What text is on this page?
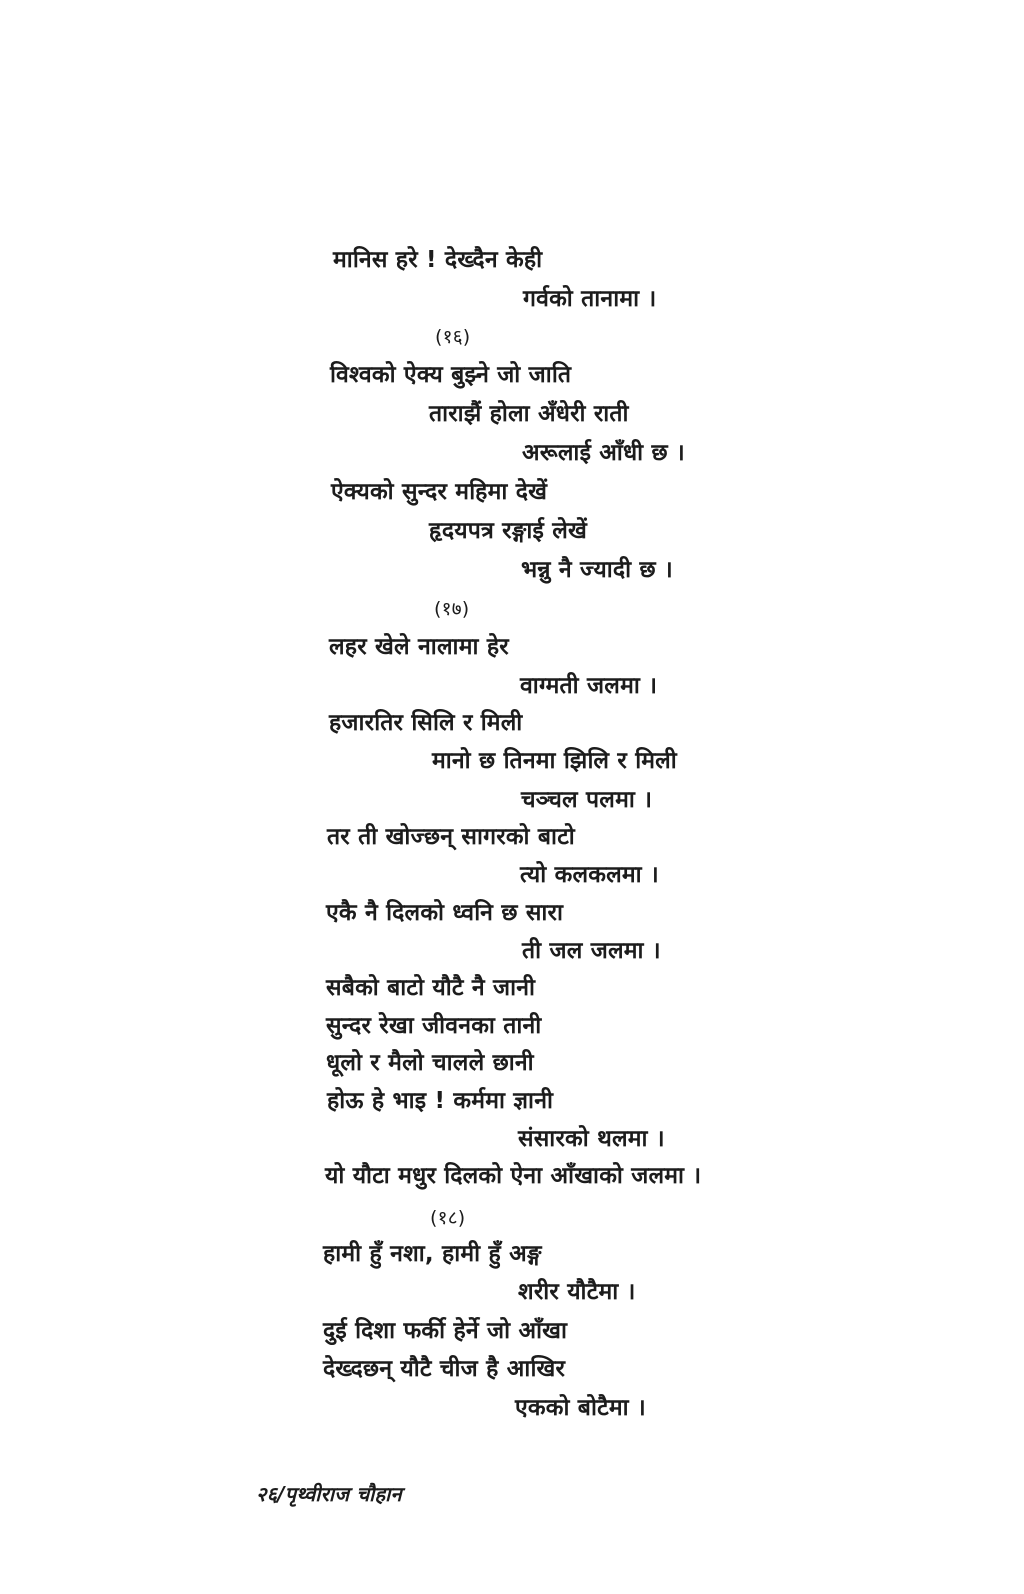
मानिस हरे ! देख्दैन केही
गर्वको तानामा ।
(१६)
विश्वको ऐक्य बुझ्ने जो जाति
ताराझैं होला अँधेरी राती
अरूलाई आँधी छ ।
ऐक्यको सुन्दर महिमा देखें
हृदयपत्र रङ्गाई लेखें
भन्नु नै ज्यादी छ ।
(१७)
लहर खेले नालामा हेर
वाग्मती जलमा ।
हजारतिर सिलि र मिली
मानो छ तिनमा झिलि र मिली
चञ्चल पलमा ।
तर ती खोज्छन् सागरको बाटो
त्यो कलकलमा ।
एकै नै दिलको ध्वनि छ सारा
ती जल जलमा ।
सबैको बाटो यौटै नै जानी
सुन्दर रेखा जीवनका तानी
धूलो र मैलो चालले छानी
होऊ हे भाइ ! कर्ममा ज्ञानी
संसारको थलमा ।
यो यौटा मधुर दिलको ऐना आँखाको जलमा ।
(१८)
हामी हुँ नशा, हामी हुँ अङ्ग
शरीर यौटैमा ।
दुई दिशा फर्की हेर्ने जो आँखा
देख्दछन् यौटै चीज है आखिर
एकको बोटैमा ।
२६/पृथ्वीराज चौहान
